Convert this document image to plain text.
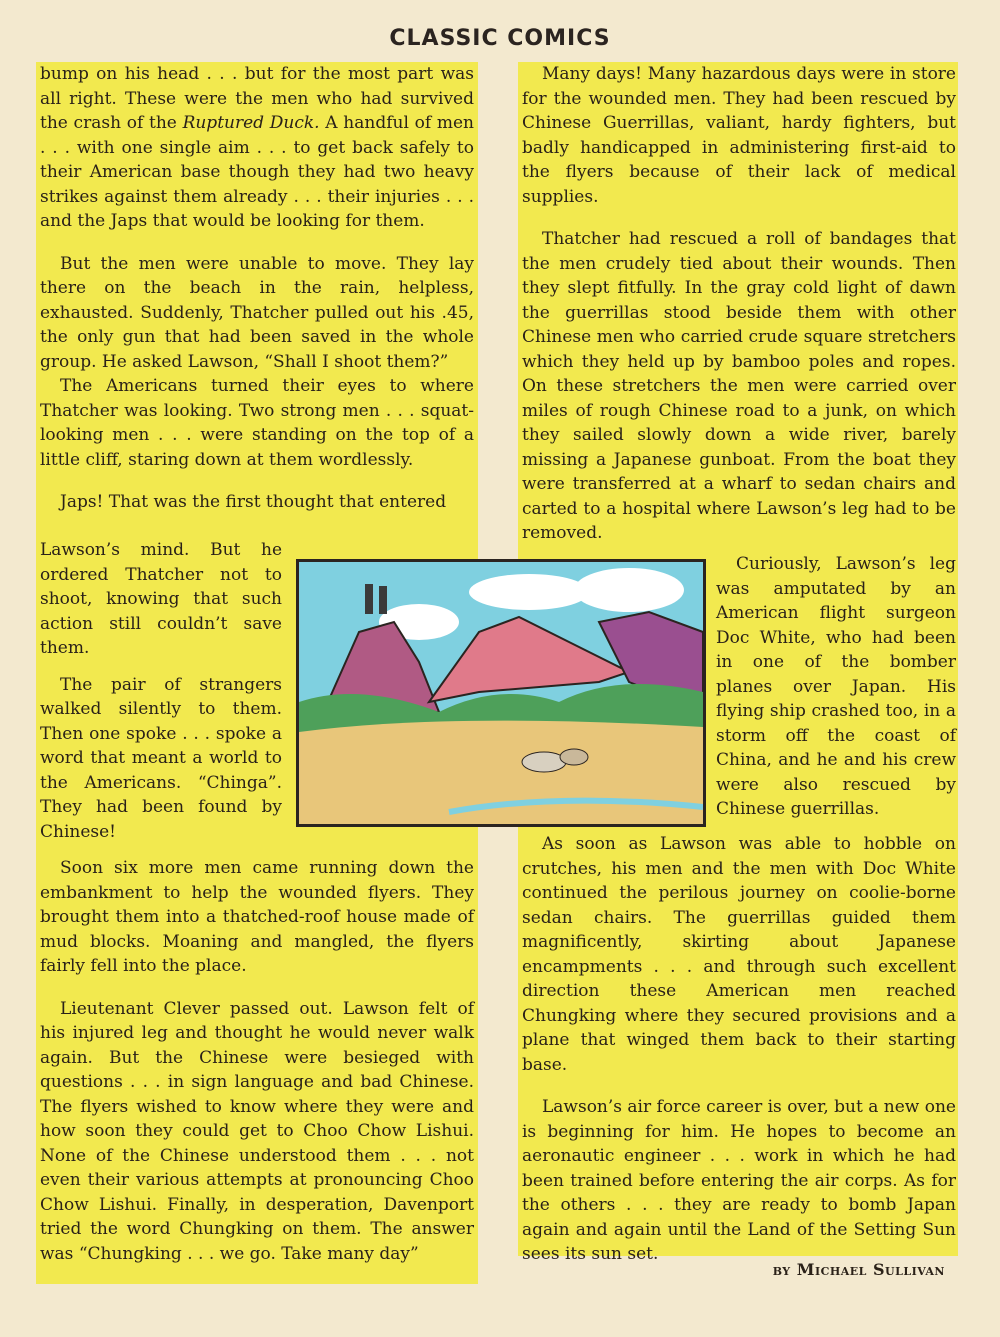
CLASSIC COMICS

bump on his head . . . but for the most part was all right. These were the men who had survived the crash of the Ruptured Duck. A handful of men . . . with one single aim . . . to get back safely to their American base though they had two heavy strikes against them already . . . their injuries . . . and the Japs that would be looking for them.

But the men were unable to move. They lay there on the beach in the rain, helpless, exhausted. Suddenly, Thatcher pulled out his .45, the only gun that had been saved in the whole group. He asked Lawson, “Shall I shoot them?”

The Americans turned their eyes to where Thatcher was looking. Two strong men . . . squat-looking men . . . were standing on the top of a little cliff, staring down at them wordlessly.

Japs! That was the first thought that entered

Lawson’s mind. But he ordered Thatcher not to shoot, knowing that such action still couldn’t save them.

The pair of strangers walked silently to them. Then one spoke . . . spoke a word that meant a world to the Americans. “Chinga”. They had been found by Chinese!

Soon six more men came running down the embankment to help the wounded flyers. They brought them into a thatched-roof house made of mud blocks. Moaning and mangled, the flyers fairly fell into the place.

Lieutenant Clever passed out. Lawson felt of his injured leg and thought he would never walk again. But the Chinese were besieged with questions . . . in sign language and bad Chinese. The flyers wished to know where they were and how soon they could get to Choo Chow Lishui. None of the Chinese understood them . . . not even their various attempts at pronouncing Choo Chow Lishui. Finally, in desperation, Davenport tried the word Chungking on them. The answer was “Chungking . . . we go. Take many day”

Many days! Many hazardous days were in store for the wounded men. They had been rescued by Chinese Guerrillas, valiant, hardy fighters, but badly handicapped in administering first-aid to the flyers because of their lack of medical supplies.

Thatcher had rescued a roll of bandages that the men crudely tied about their wounds. Then they slept fitfully. In the gray cold light of dawn the guerrillas stood beside them with other Chinese men who carried crude square stretchers which they held up by bamboo poles and ropes. On these stretchers the men were carried over miles of rough Chinese road to a junk, on which they sailed slowly down a wide river, barely missing a Japanese gunboat. From the boat they were transferred at a wharf to sedan chairs and carted to a hospital where Lawson’s leg had to be removed.

Curiously, Lawson’s leg was amputated by an American flight surgeon Doc White, who had been in one of the bomber planes over Japan. His flying ship crashed too, in a storm off the coast of China, and he and his crew were also rescued by Chinese guerrillas.

As soon as Lawson was able to hobble on crutches, his men and the men with Doc White continued the perilous journey on coolie-borne sedan chairs. The guerrillas guided them magnificently, skirting about Japanese encampments . . . and through such excellent direction these American men reached Chungking where they secured provisions and a plane that winged them back to their starting base.

Lawson’s air force career is over, but a new one is beginning for him. He hopes to become an aeronautic engineer . . . work in which he had been trained before entering the air corps. As for the others . . . they are ready to bomb Japan again and again until the Land of the Setting Sun sees its sun set.

by Michael Sullivan
